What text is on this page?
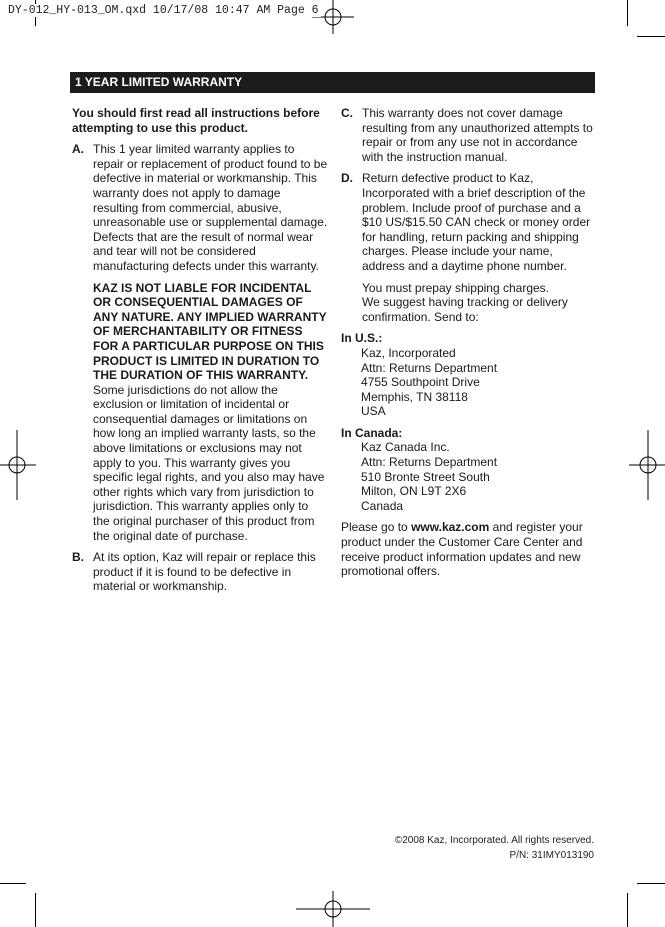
DY-012_HY-013_OM.qxd 10/17/08 10:47 AM Page 6
1 YEAR LIMITED WARRANTY

You should first read all instructions before attempting to use this product.

A. This 1 year limited warranty applies to repair or replacement of product found to be defective in material or workmanship. This warranty does not apply to damage resulting from commercial, abusive, unreasonable use or supplemental damage. Defects that are the result of normal wear and tear will not be considered manufacturing defects under this warranty.

KAZ IS NOT LIABLE FOR INCIDENTAL OR CONSEQUENTIAL DAMAGES OF ANY NATURE. ANY IMPLIED WARRANTY OF MERCHANTABILITY OR FITNESS FOR A PARTICULAR PURPOSE ON THIS PRODUCT IS LIMITED IN DURATION TO THE DURATION OF THIS WARRANTY.  Some jurisdictions do not allow the exclusion or limitation of incidental or consequential damages or limitations on how long an implied warranty lasts, so the above limitations or exclusions may not apply to you. This warranty gives you specific legal rights, and you also may have other rights which vary from jurisdiction to jurisdiction. This warranty applies only to the original purchaser of this product from the original date of purchase.

B. At its option, Kaz will repair or replace this product if it is found to be defective in material or workmanship.

C. This warranty does not cover damage resulting from any unauthorized attempts to repair or from any use not in accordance with the instruction manual.

D. Return defective product to Kaz, Incorporated with a brief description of the problem. Include proof of purchase and a $10 US/$15.50 CAN check or money order for handling, return packing and shipping charges. Please include your name, address and a daytime phone number.

You must prepay shipping charges.
We suggest having tracking or delivery confirmation. Send to:

In U.S.:

Kaz, Incorporated
Attn: Returns Department
4755 Southpoint Drive
Memphis, TN 38118
USA

In Canada:

Kaz Canada Inc.
Attn: Returns Department
510 Bronte Street South
Milton, ON L9T 2X6
Canada

Please go to www.kaz.com and register your product under the Customer Care Center and receive product information updates and new promotional offers.

©2008 Kaz, Incorporated. All rights reserved.
P/N: 31IMY013190
